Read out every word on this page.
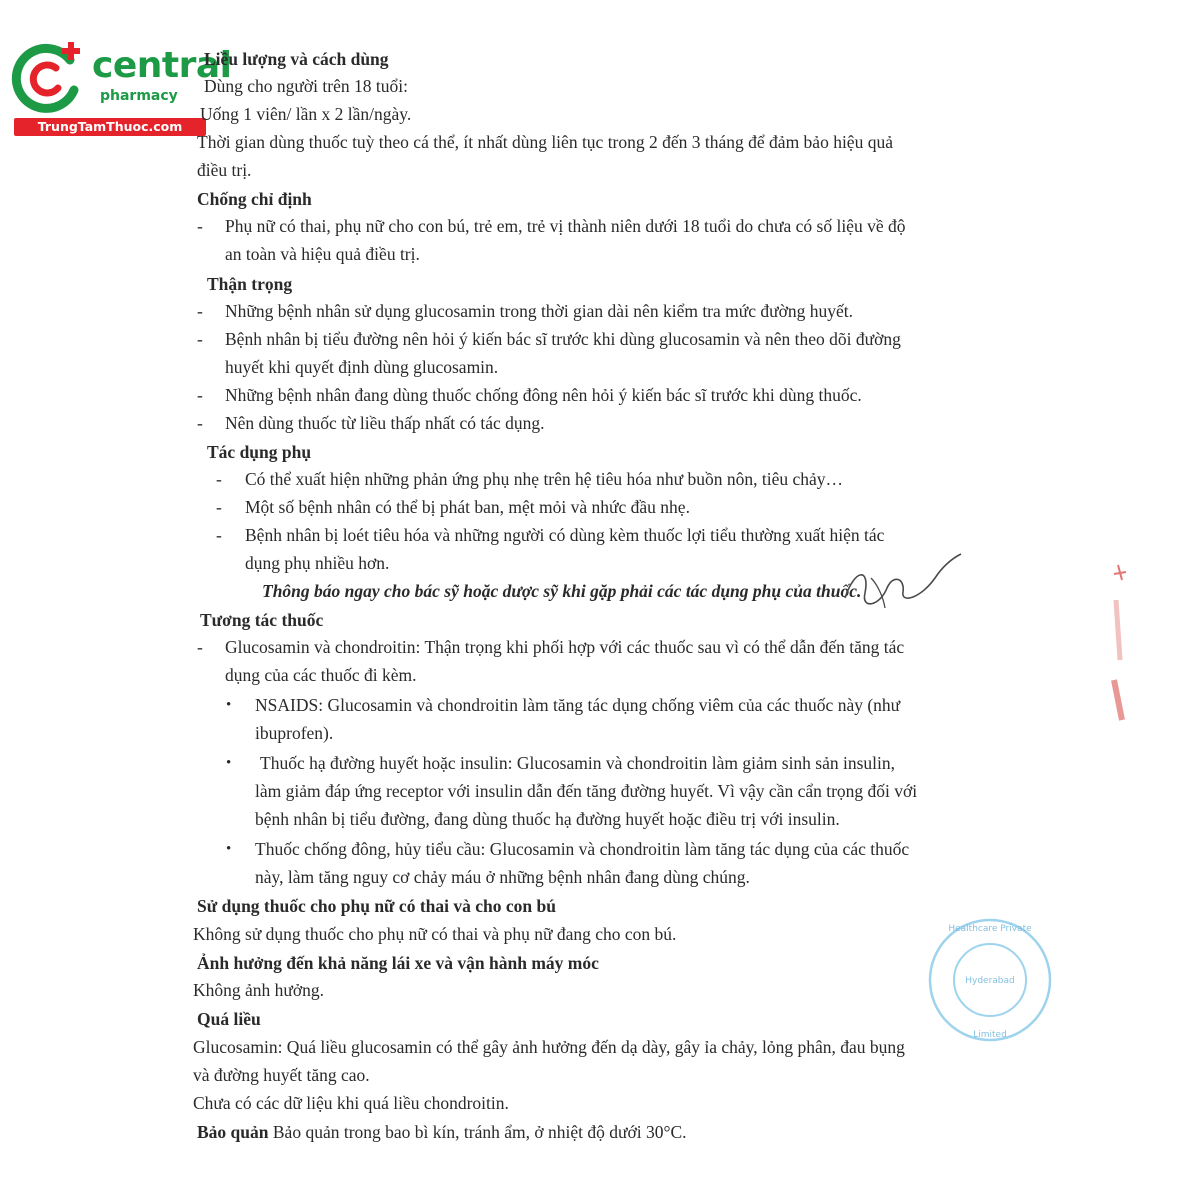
central
pharmacy
TrungTamThuoc.com
Liều lượng và cách dùng
Dùng cho người trên 18 tuổi:
Uống 1 viên/ lần x 2 lần/ngày.
Thời gian dùng thuốc tuỳ theo cá thể, ít nhất dùng liên tục trong 2 đến 3 tháng để đảm bảo hiệu quả
điều trị.
Chống chỉ định
- Phụ nữ có thai, phụ nữ cho con bú, trẻ em, trẻ vị thành niên dưới 18 tuổi do chưa có số liệu về độ
an toàn và hiệu quả điều trị.
Thận trọng
- Những bệnh nhân sử dụng glucosamin trong thời gian dài nên kiểm tra mức đường huyết.
- Bệnh nhân bị tiểu đường nên hỏi ý kiến bác sĩ trước khi dùng glucosamin và nên theo dõi đường
huyết khi quyết định dùng glucosamin.
- Những bệnh nhân đang dùng thuốc chống đông nên hỏi ý kiến bác sĩ trước khi dùng thuốc.
- Nên dùng thuốc từ liều thấp nhất có tác dụng.
Tác dụng phụ
- Có thể xuất hiện những phản ứng phụ nhẹ trên hệ tiêu hóa như buồn nôn, tiêu chảy…
- Một số bệnh nhân có thể bị phát ban, mệt mỏi và nhức đầu nhẹ.
- Bệnh nhân bị loét tiêu hóa và những người có dùng kèm thuốc lợi tiểu thường xuất hiện tác
dụng phụ nhiều hơn.
Thông báo ngay cho bác sỹ hoặc dược sỹ khi gặp phải các tác dụng phụ của thuốc.
Tương tác thuốc
- Glucosamin và chondroitin: Thận trọng khi phối hợp với các thuốc sau vì có thể dẫn đến tăng tác
dụng của các thuốc đi kèm.
• NSAIDS: Glucosamin và chondroitin làm tăng tác dụng chống viêm của các thuốc này (như
ibuprofen).
• Thuốc hạ đường huyết hoặc insulin: Glucosamin và chondroitin làm giảm sinh sản insulin,
làm giảm đáp ứng receptor với insulin dẫn đến tăng đường huyết. Vì vậy cần cẩn trọng đối với
bệnh nhân bị tiểu đường, đang dùng thuốc hạ đường huyết hoặc điều trị với insulin.
• Thuốc chống đông, hủy tiểu cầu: Glucosamin và chondroitin làm tăng tác dụng của các thuốc
này, làm tăng nguy cơ chảy máu ở những bệnh nhân đang dùng chúng.
Sử dụng thuốc cho phụ nữ có thai và cho con bú
Không sử dụng thuốc cho phụ nữ có thai và phụ nữ đang cho con bú.
Ảnh hưởng đến khả năng lái xe và vận hành máy móc
Không ảnh hưởng.
Quá liều
Glucosamin: Quá liều glucosamin có thể gây ảnh hưởng đến dạ dày, gây ỉa chảy, lỏng phân, đau bụng
và đường huyết tăng cao.
Chưa có các dữ liệu khi quá liều chondroitin.
Bảo quản Bảo quản trong bao bì kín, tránh ẩm, ở nhiệt độ dưới 30°C.
Hyderabad
Healthcare Private
Limited
